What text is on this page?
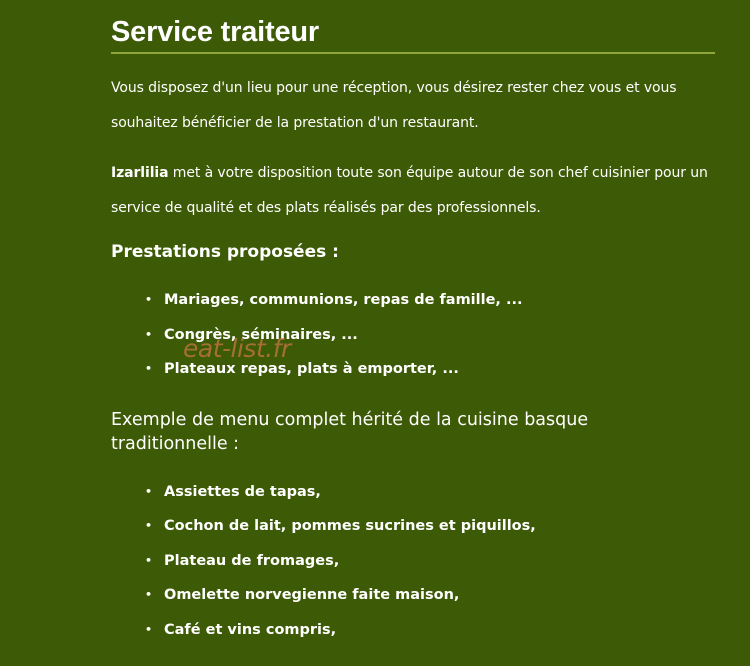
Service traiteur

Vous disposez d'un lieu pour une réception, vous désirez rester chez vous et vous souhaitez bénéficier de la prestation d'un restaurant.

Izarlilia met à votre disposition toute son équipe autour de son chef cuisinier pour un service de qualité et des plats réalisés par des professionnels.

Prestations proposées :
• Mariages, communions, repas de famille, ...
• Congrès, séminaires, ...
• Plateaux repas, plats à emporter, ...
Exemple de menu complet hérité de la cuisine basque traditionnelle :
• Assiettes de tapas,
• Cochon de lait, pommes sucrines et piquillos,
• Plateau de fromages,
• Omelette norvegienne faite maison,
• Café et vins compris,
eat-list.fr
